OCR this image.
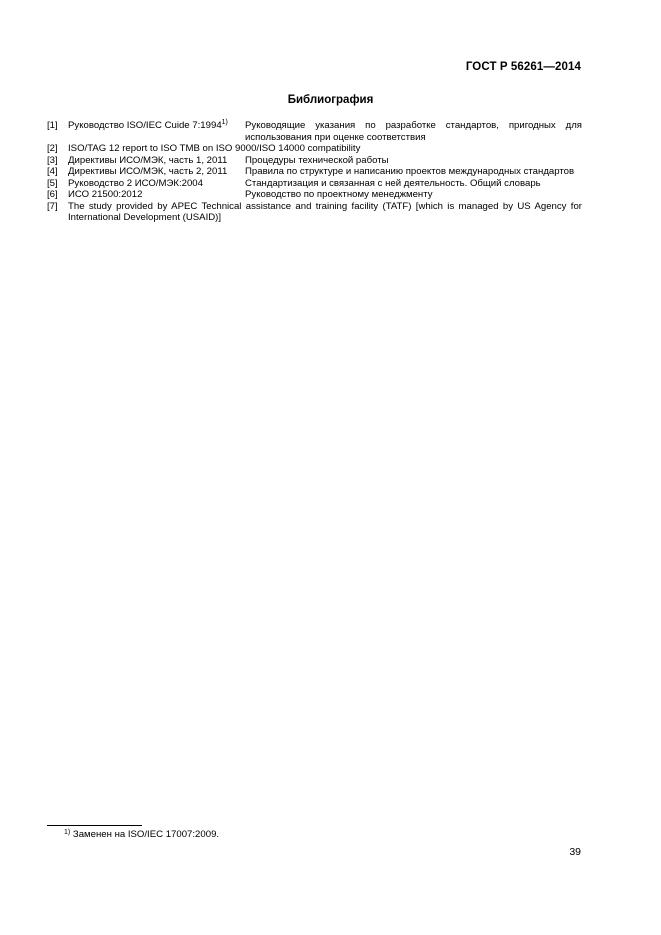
ГОСТ Р 56261—2014
Библиография
[1]	Руководство ISO/IEC Cuide 7:1994$^{1)}$	Руководящие указания по разработке стандартов, пригодных для использования при оценке соответствия
[2]	ISO/TAG 12 report to ISO TMB on ISO 9000/ISO 14000 compatibility
[3]	Директивы ИСО/МЭК, часть 1, 2011	Процедуры технической работы
[4]	Директивы ИСО/МЭК, часть 2, 2011	Правила по структуре и написанию проектов международных стандартов
[5]	Руководство 2 ИСО/МЭК:2004	Стандартизация и связанная с ней деятельность. Общий словарь
[6]	ИСО 21500:2012	Руководство по проектному менеджменту
[7]	The study provided by APEC Technical assistance and training facility (TATF) [which is managed by US Agency for International Development (USAID)]
$^{1)}$ Заменен на ISO/IEC 17007:2009.
39
